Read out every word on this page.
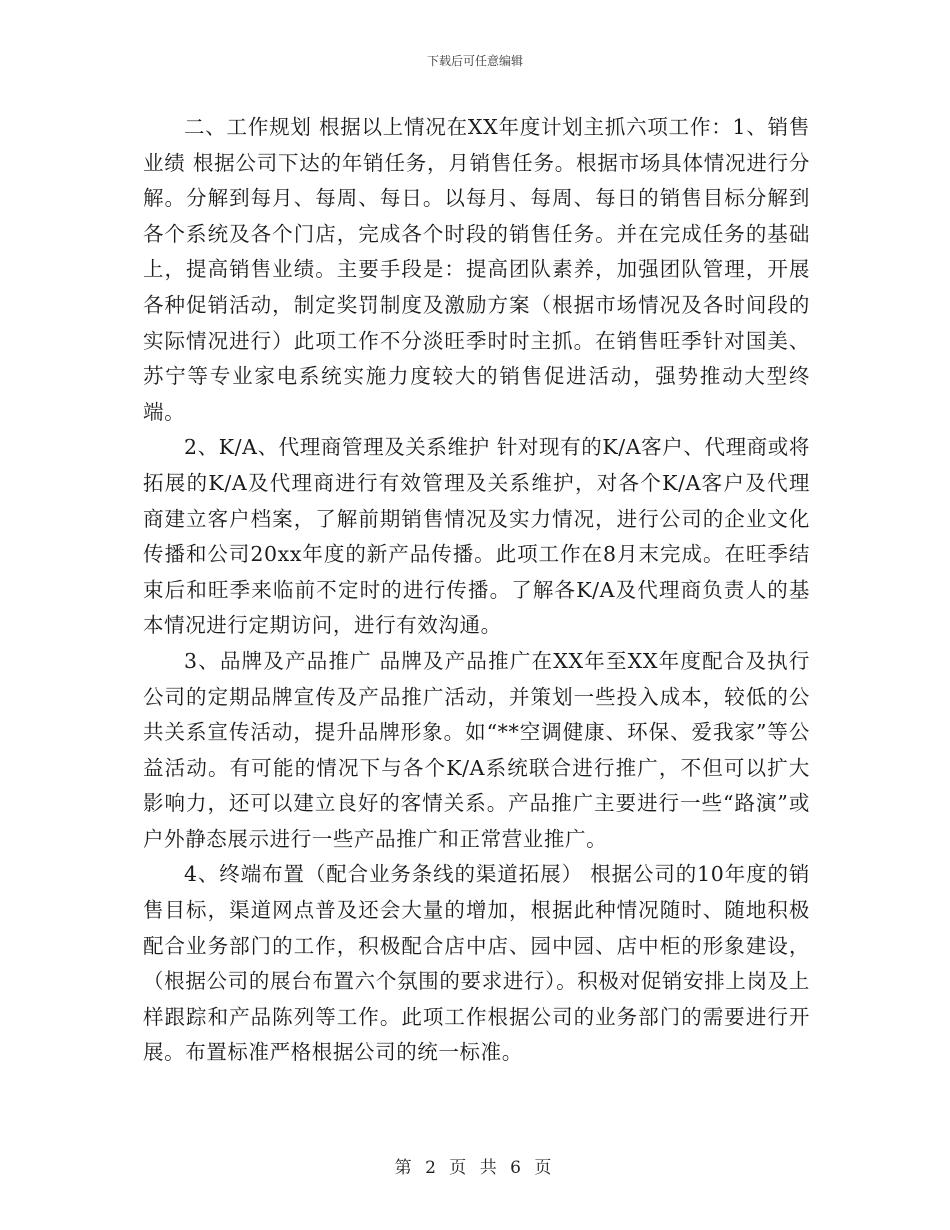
下载后可任意编辑

二、工作规划 根据以上情况在XX年度计划主抓六项工作：1、销售业绩 根据公司下达的年销任务，月销售任务。根据市场具体情况进行分解。分解到每月、每周、每日。以每月、每周、每日的销售目标分解到各个系统及各个门店，完成各个时段的销售任务。并在完成任务的基础上，提高销售业绩。主要手段是：提高团队素养，加强团队管理，开展各种促销活动，制定奖罚制度及激励方案（根据市场情况及各时间段的实际情况进行）此项工作不分淡旺季时时主抓。在销售旺季针对国美、苏宁等专业家电系统实施力度较大的销售促进活动，强势推动大型终端。

2、K/A、代理商管理及关系维护 针对现有的K/A客户、代理商或将拓展的K/A及代理商进行有效管理及关系维护，对各个K/A客户及代理商建立客户档案，了解前期销售情况及实力情况，进行公司的企业文化传播和公司20xx年度的新产品传播。此项工作在8月末完成。在旺季结束后和旺季来临前不定时的进行传播。了解各K/A及代理商负责人的基本情况进行定期访问，进行有效沟通。

3、品牌及产品推广 品牌及产品推广在XX年至XX年度配合及执行公司的定期品牌宣传及产品推广活动，并策划一些投入成本，较低的公共关系宣传活动，提升品牌形象。如“**空调健康、环保、爱我家”等公益活动。有可能的情况下与各个K/A系统联合进行推广，不但可以扩大影响力，还可以建立良好的客情关系。产品推广主要进行一些“路演”或户外静态展示进行一些产品推广和正常营业推广。

4、终端布置（配合业务条线的渠道拓展） 根据公司的10年度的销售目标，渠道网点普及还会大量的增加，根据此种情况随时、随地积极配合业务部门的工作，积极配合店中店、园中园、店中柜的形象建设，（根据公司的展台布置六个氛围的要求进行）。积极对促销安排上岗及上样跟踪和产品陈列等工作。此项工作根据公司的业务部门的需要进行开展。布置标准严格根据公司的统一标准。

第 2 页 共 6 页
